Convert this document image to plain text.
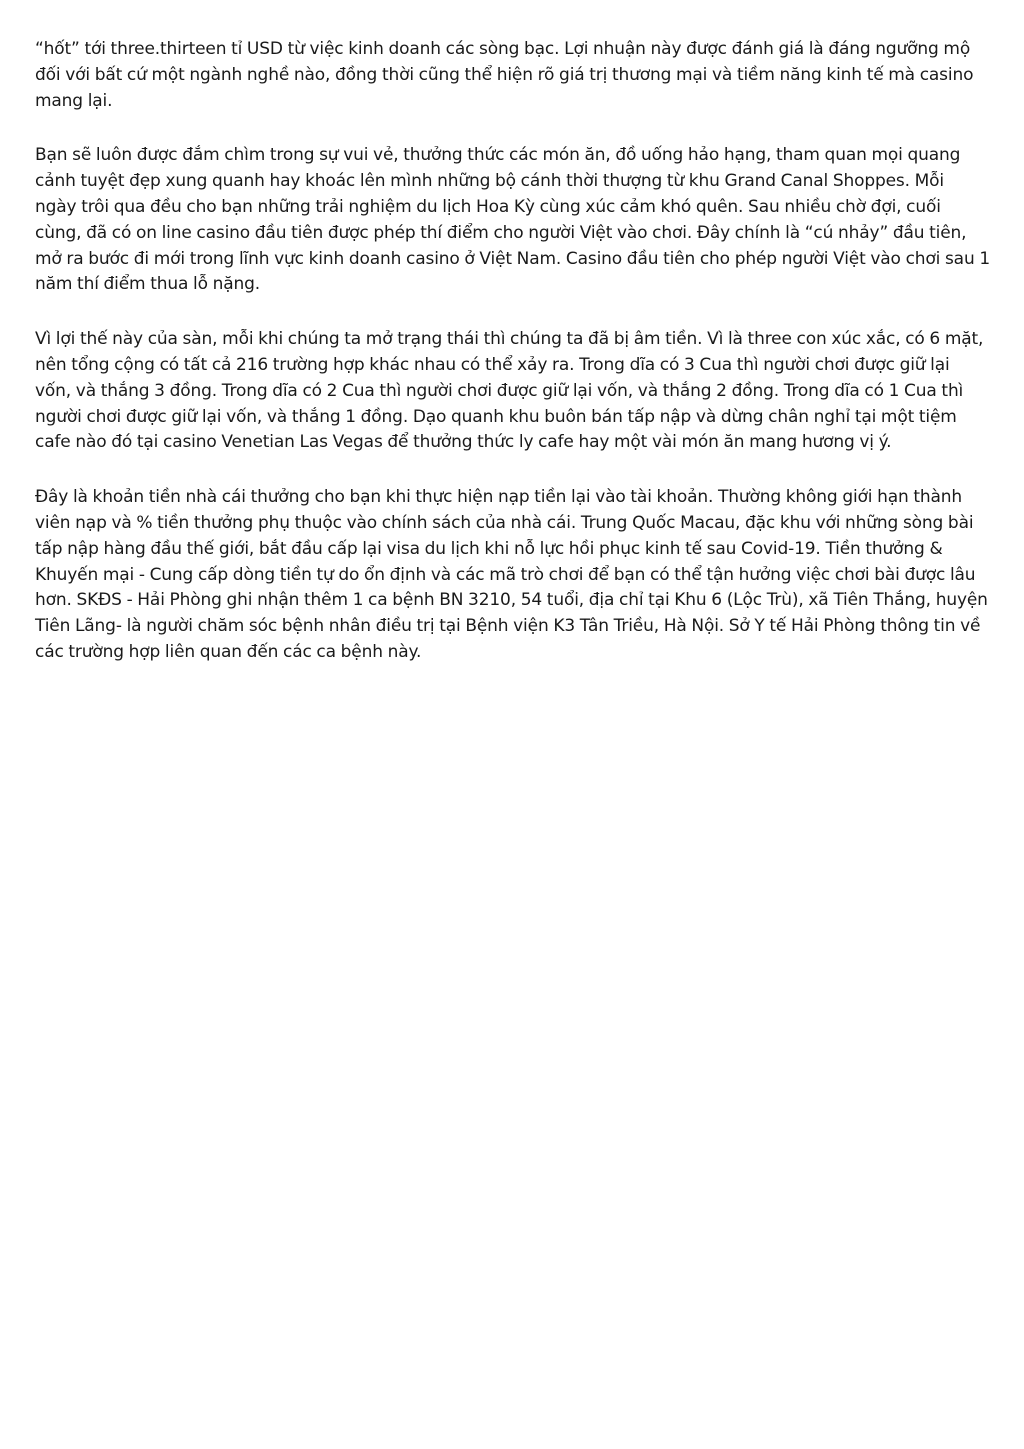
“hốt” tới three.thirteen tỉ USD từ việc kinh doanh các sòng bạc. Lợi nhuận này được đánh giá là đáng ngưỡng mộ đối với bất cứ một ngành nghề nào, đồng thời cũng thể hiện rõ giá trị thương mại và tiềm năng kinh tế mà casino mang lại.

Bạn sẽ luôn được đắm chìm trong sự vui vẻ, thưởng thức các món ăn, đồ uống hảo hạng, tham quan mọi quang cảnh tuyệt đẹp xung quanh hay khoác lên mình những bộ cánh thời thượng từ khu Grand Canal Shoppes. Mỗi ngày trôi qua đều cho bạn những trải nghiệm du lịch Hoa Kỳ cùng xúc cảm khó quên. Sau nhiều chờ đợi, cuối cùng, đã có on line casino đầu tiên được phép thí điểm cho người Việt vào chơi. Đây chính là “cú nhảy” đầu tiên, mở ra bước đi mới trong lĩnh vực kinh doanh casino ở Việt Nam. Casino đầu tiên cho phép người Việt vào chơi sau 1 năm thí điểm thua lỗ nặng.

Vì lợi thế này của sàn, mỗi khi chúng ta mở trạng thái thì chúng ta đã bị âm tiền. Vì là three con xúc xắc, có 6 mặt, nên tổng cộng có tất cả 216 trường hợp khác nhau có thể xảy ra. Trong dĩa có 3 Cua thì người chơi được giữ lại vốn, và thắng 3 đồng. Trong dĩa có 2 Cua thì người chơi được giữ lại vốn, và thắng 2 đồng. Trong dĩa có 1 Cua thì người chơi được giữ lại vốn, và thắng 1 đồng. Dạo quanh khu buôn bán tấp nập và dừng chân nghỉ tại một tiệm cafe nào đó tại casino Venetian Las Vegas để thưởng thức ly cafe hay một vài món ăn mang hương vị ý.

Đây là khoản tiền nhà cái thưởng cho bạn khi thực hiện nạp tiền lại vào tài khoản. Thường không giới hạn thành viên nạp và % tiền thưởng phụ thuộc vào chính sách của nhà cái. Trung Quốc Macau, đặc khu với những sòng bài tấp nập hàng đầu thế giới, bắt đầu cấp lại visa du lịch khi nỗ lực hồi phục kinh tế sau Covid-19. Tiền thưởng & Khuyến mại - Cung cấp dòng tiền tự do ổn định và các mã trò chơi để bạn có thể tận hưởng việc chơi bài được lâu hơn. SKĐS - Hải Phòng ghi nhận thêm 1 ca bệnh BN 3210, 54 tuổi, địa chỉ tại Khu 6 (Lộc Trù), xã Tiên Thắng, huyện Tiên Lãng- là người chăm sóc bệnh nhân điều trị tại Bệnh viện K3 Tân Triều, Hà Nội. Sở Y tế Hải Phòng thông tin về các trường hợp liên quan đến các ca bệnh này.
